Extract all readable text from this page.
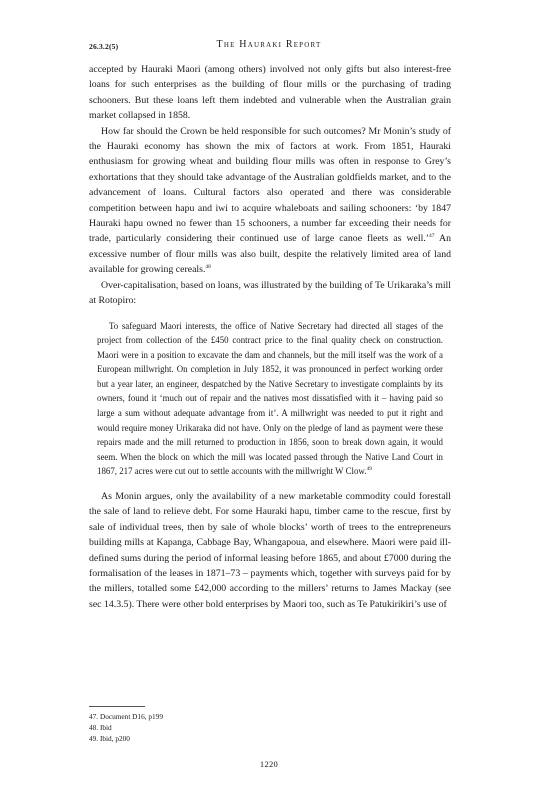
26.3.2(5)	The Hauraki Report

accepted by Hauraki Maori (among others) involved not only gifts but also interest-free loans for such enterprises as the building of flour mills or the purchasing of trading schooners. But these loans left them indebted and vulnerable when the Australian grain market collapsed in 1858.

How far should the Crown be held responsible for such outcomes? Mr Monin’s study of the Hauraki economy has shown the mix of factors at work. From 1851, Hauraki enthusiasm for growing wheat and building flour mills was often in response to Grey’s exhortations that they should take advantage of the Australian goldfields market, and to the advancement of loans. Cultural factors also operated and there was considerable competition between hapu and iwi to acquire whaleboats and sailing schooners: ‘by 1847 Hauraki hapu owned no fewer than 15 schooners, a number far exceeding their needs for trade, particularly considering their continued use of large canoe fleets as well.’$^{47}$ An excessive number of flour mills was also built, despite the relatively limited area of land available for growing cereals.$^{48}$

Over-capitalisation, based on loans, was illustrated by the building of Te Urikaraka’s mill at Rotopiro:

To safeguard Maori interests, the office of Native Secretary had directed all stages of the project from collection of the £450 contract price to the final quality check on construction. Maori were in a position to excavate the dam and channels, but the mill itself was the work of a European millwright. On completion in July 1852, it was pronounced in perfect working order but a year later, an engineer, despatched by the Native Secretary to investigate complaints by its owners, found it ‘much out of repair and the natives most dissatisfied with it – having paid so large a sum without adequate advantage from it’. A millwright was needed to put it right and would require money Urikaraka did not have. Only on the pledge of land as payment were these repairs made and the mill returned to production in 1856, soon to break down again, it would seem. When the block on which the mill was located passed through the Native Land Court in 1867, 217 acres were cut out to settle accounts with the millwright W Clow.$^{49}$

As Monin argues, only the availability of a new marketable commodity could forestall the sale of land to relieve debt. For some Hauraki hapu, timber came to the rescue, first by sale of individual trees, then by sale of whole blocks’ worth of trees to the entrepreneurs building mills at Kapanga, Cabbage Bay, Whangapoua, and elsewhere. Maori were paid ill-defined sums during the period of informal leasing before 1865, and about £7000 during the formalisation of the leases in 1871–73 – payments which, together with surveys paid for by the millers, totalled some £42,000 according to the millers’ returns to James Mackay (see sec 14.3.5). There were other bold enterprises by Maori too, such as Te Patukirikiri’s use of

47. Document D16, p199
48. Ibid
49. Ibid, p200
1220
